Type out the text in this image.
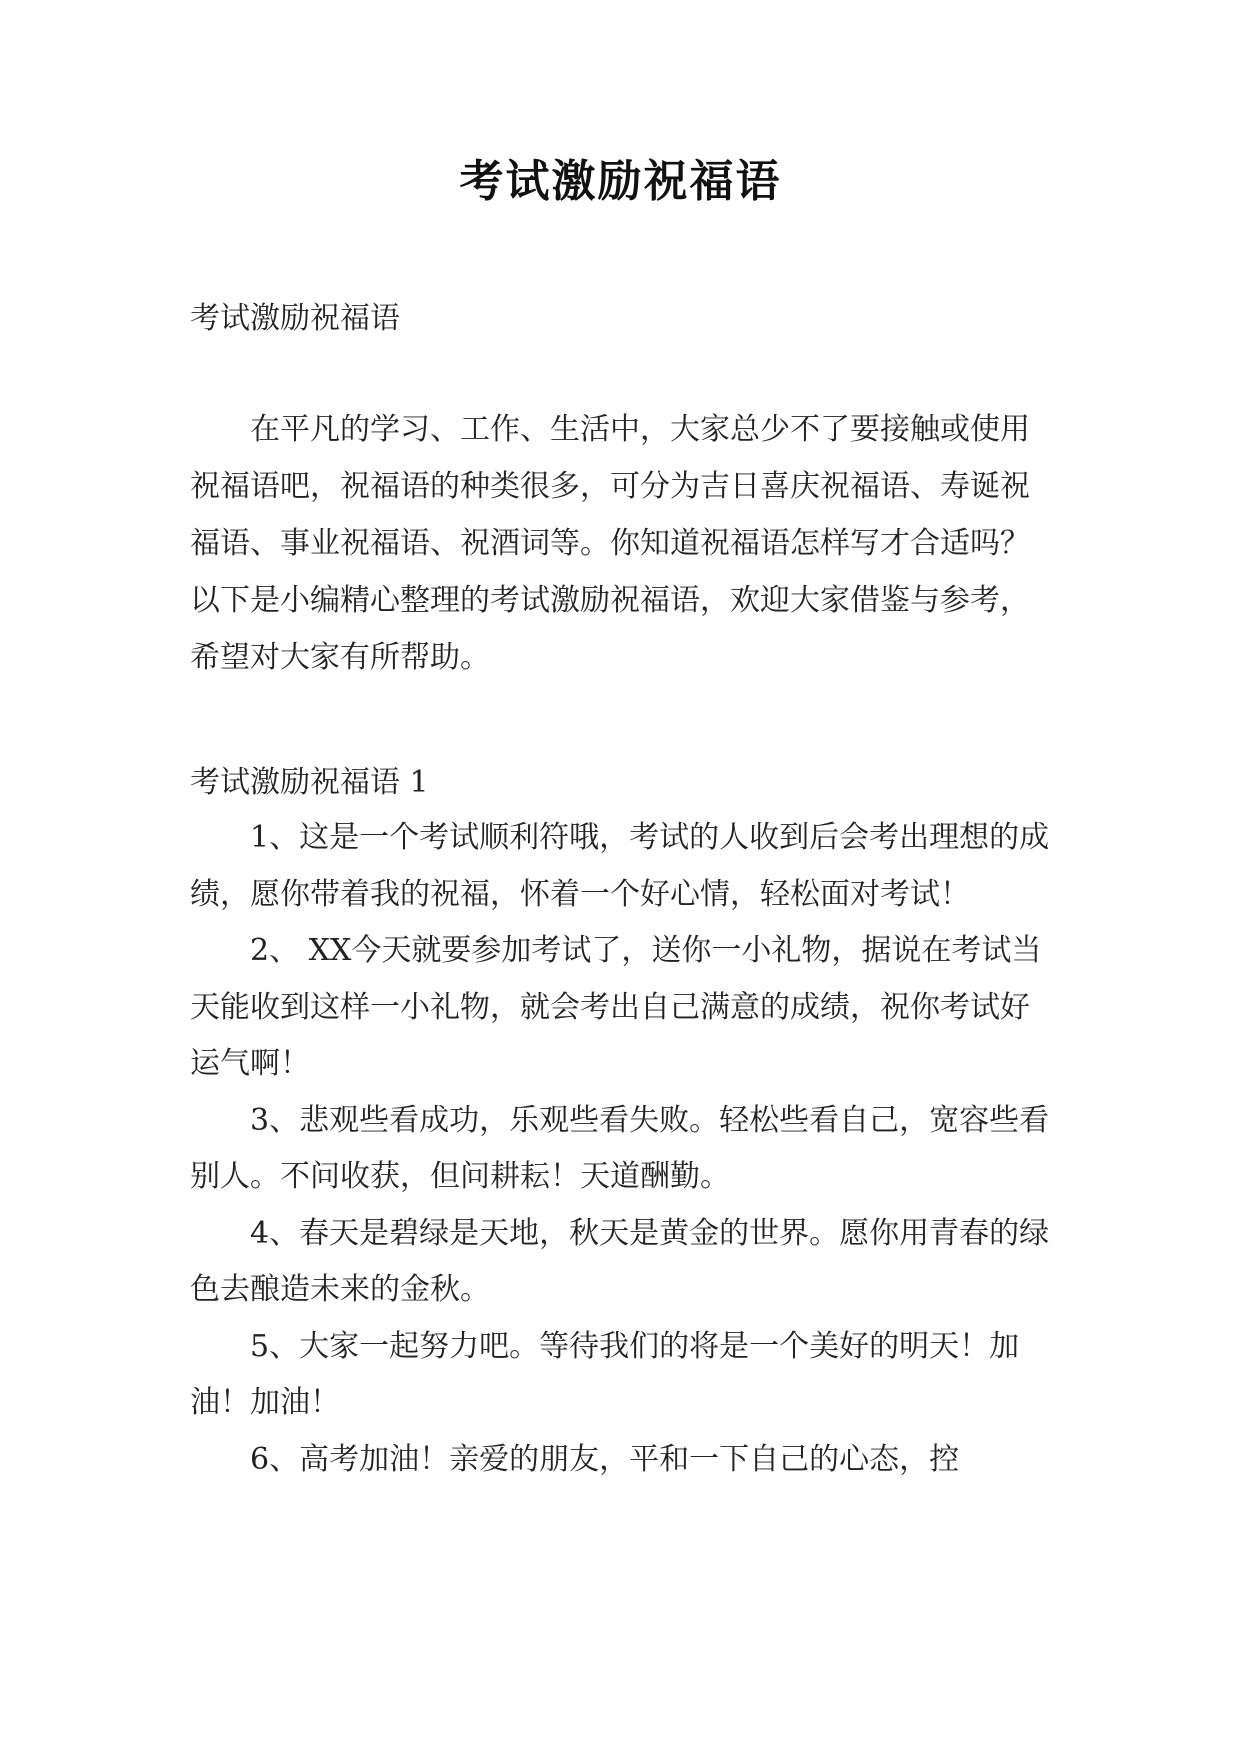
考试激励祝福语
考试激励祝福语

在平凡的学习、工作、生活中，大家总少不了要接触或使用祝福语吧，祝福语的种类很多，可分为吉日喜庆祝福语、寿诞祝福语、事业祝福语、祝酒词等。你知道祝福语怎样写才合适吗？以下是小编精心整理的考试激励祝福语，欢迎大家借鉴与参考，希望对大家有所帮助。

考试激励祝福语 1

1、这是一个考试顺利符哦，考试的人收到后会考出理想的成绩，愿你带着我的祝福，怀着一个好心情，轻松面对考试！

2、 XX今天就要参加考试了，送你一小礼物，据说在考试当天能收到这样一小礼物，就会考出自己满意的成绩，祝你考试好运气啊！

3、悲观些看成功，乐观些看失败。轻松些看自己，宽容些看别人。不问收获，但问耕耘！天道酬勤。

4、春天是碧绿是天地，秋天是黄金的世界。愿你用青春的绿色去酿造未来的金秋。

5、大家一起努力吧。等待我们的将是一个美好的明天！加油！加油！

6、高考加油！亲爱的朋友，平和一下自己的心态，控
